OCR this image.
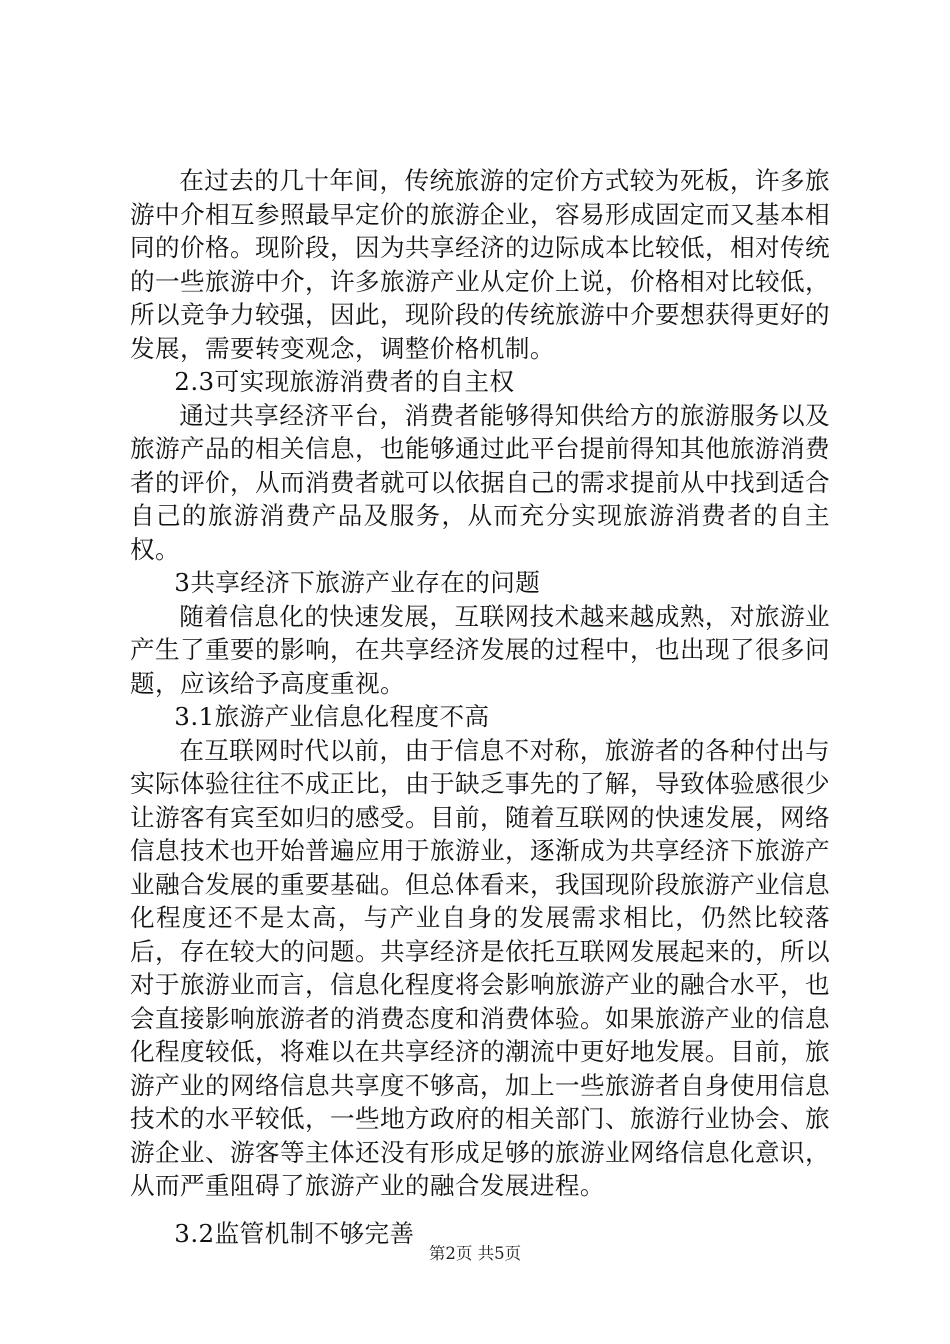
在过去的几十年间，传统旅游的定价方式较为死板，许多旅游中介相互参照最早定价的旅游企业，容易形成固定而又基本相同的价格。现阶段，因为共享经济的边际成本比较低，相对传统的一些旅游中介，许多旅游产业从定价上说，价格相对比较低，所以竞争力较强，因此，现阶段的传统旅游中介要想获得更好的发展，需要转变观念，调整价格机制。

2.3可实现旅游消费者的自主权

通过共享经济平台，消费者能够得知供给方的旅游服务以及旅游产品的相关信息，也能够通过此平台提前得知其他旅游消费者的评价，从而消费者就可以依据自己的需求提前从中找到适合自己的旅游消费产品及服务，从而充分实现旅游消费者的自主权。

3共享经济下旅游产业存在的问题

随着信息化的快速发展，互联网技术越来越成熟，对旅游业产生了重要的影响，在共享经济发展的过程中，也出现了很多问题，应该给予高度重视。

3.1旅游产业信息化程度不高

在互联网时代以前，由于信息不对称，旅游者的各种付出与实际体验往往不成正比，由于缺乏事先的了解，导致体验感很少让游客有宾至如归的感受。目前，随着互联网的快速发展，网络信息技术也开始普遍应用于旅游业，逐渐成为共享经济下旅游产业融合发展的重要基础。但总体看来，我国现阶段旅游产业信息化程度还不是太高，与产业自身的发展需求相比，仍然比较落后，存在较大的问题。共享经济是依托互联网发展起来的，所以对于旅游业而言，信息化程度将会影响旅游产业的融合水平，也会直接影响旅游者的消费态度和消费体验。如果旅游产业的信息化程度较低，将难以在共享经济的潮流中更好地发展。目前，旅游产业的网络信息共享度不够高，加上一些旅游者自身使用信息技术的水平较低，一些地方政府的相关部门、旅游行业协会、旅游企业、游客等主体还没有形成足够的旅游业网络信息化意识，从而严重阻碍了旅游产业的融合发展进程。

3.2监管机制不够完善

第2页 共5页
